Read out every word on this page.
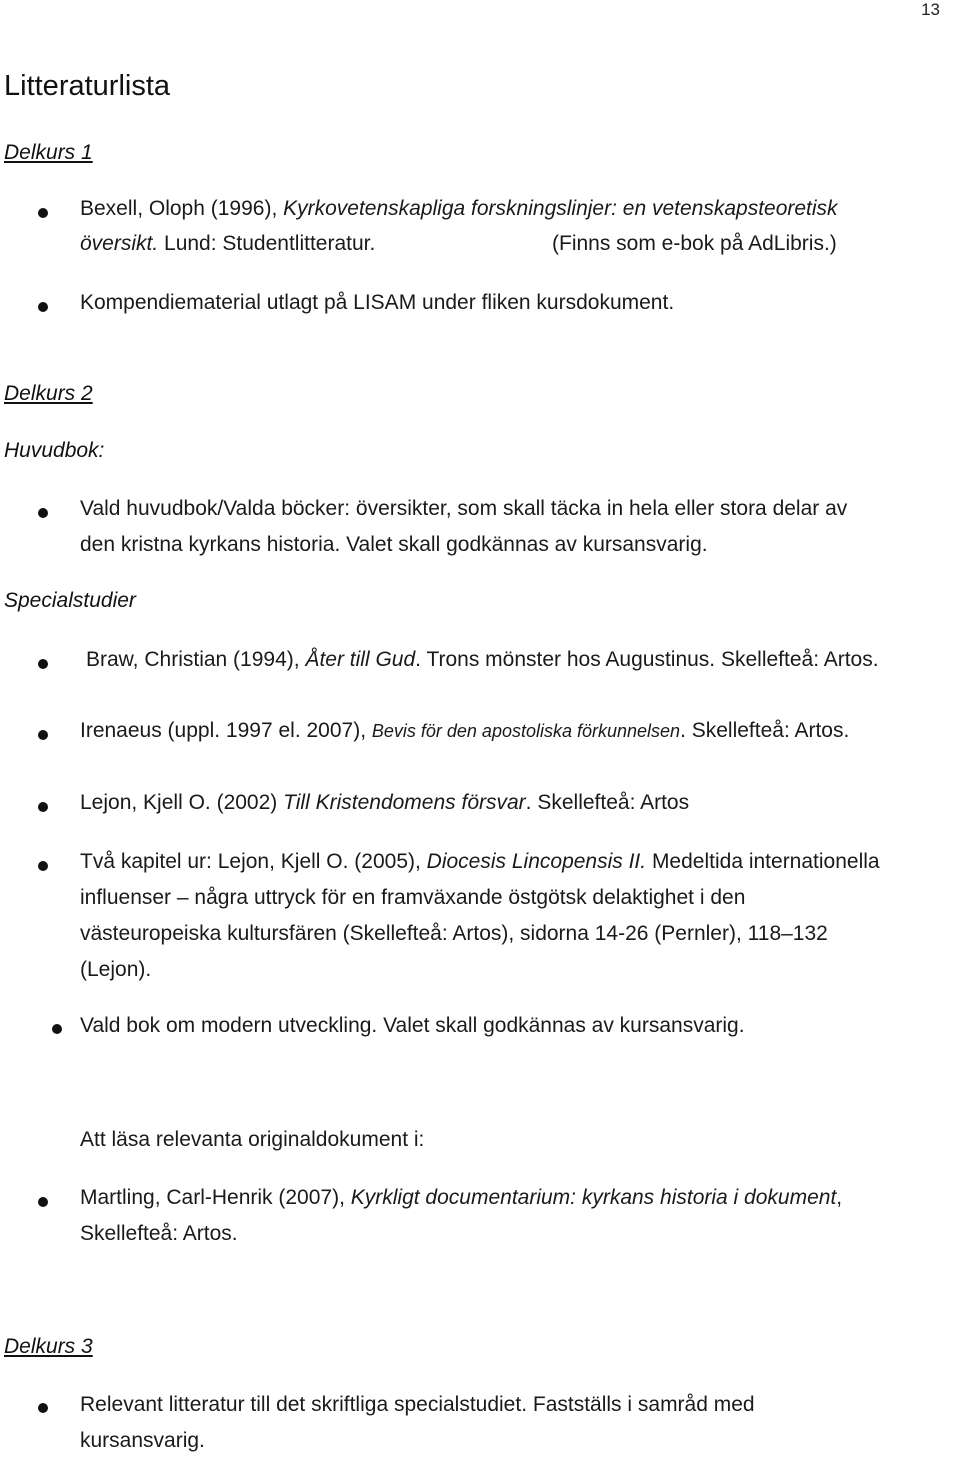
13
Litteraturlista
Delkurs 1
Bexell, Oloph (1996), Kyrkovetenskapliga forskningslinjer: en vetenskapsteoretisk
översikt. Lund: Studentlitteratur.	(Finns som e-bok på AdLibris.)
Kompendiematerial utlagt på LISAM under fliken kursdokument.
Delkurs 2
Huvudbok:
Vald huvudbok/Valda böcker: översikter, som skall täcka in hela eller stora delar av
den kristna kyrkans historia. Valet skall godkännas av kursansvarig.
Specialstudier
Braw, Christian (1994), Åter till Gud. Trons mönster hos Augustinus. Skellefteå: Artos.
Irenaeus (uppl. 1997 el. 2007), Bevis för den apostoliska förkunnelsen. Skellefteå: Artos.
Lejon, Kjell O. (2002) Till Kristendomens försvar. Skellefteå: Artos
Två kapitel ur: Lejon, Kjell O. (2005), Diocesis Lincopensis II. Medeltida internationella
influenser – några uttryck för en framväxande östgötsk delaktighet i den
västeuropeiska kultursfären (Skellefteå: Artos), sidorna 14-26 (Pernler), 118–132
(Lejon).
Vald bok om modern utveckling. Valet skall godkännas av kursansvarig.
Att läsa relevanta originaldokument i:
Martling, Carl-Henrik (2007), Kyrkligt documentarium: kyrkans historia i dokument,
Skellefteå: Artos.
Delkurs 3
Relevant litteratur till det skriftliga specialstudiet. Fastställs i samråd med
kursansvarig.
